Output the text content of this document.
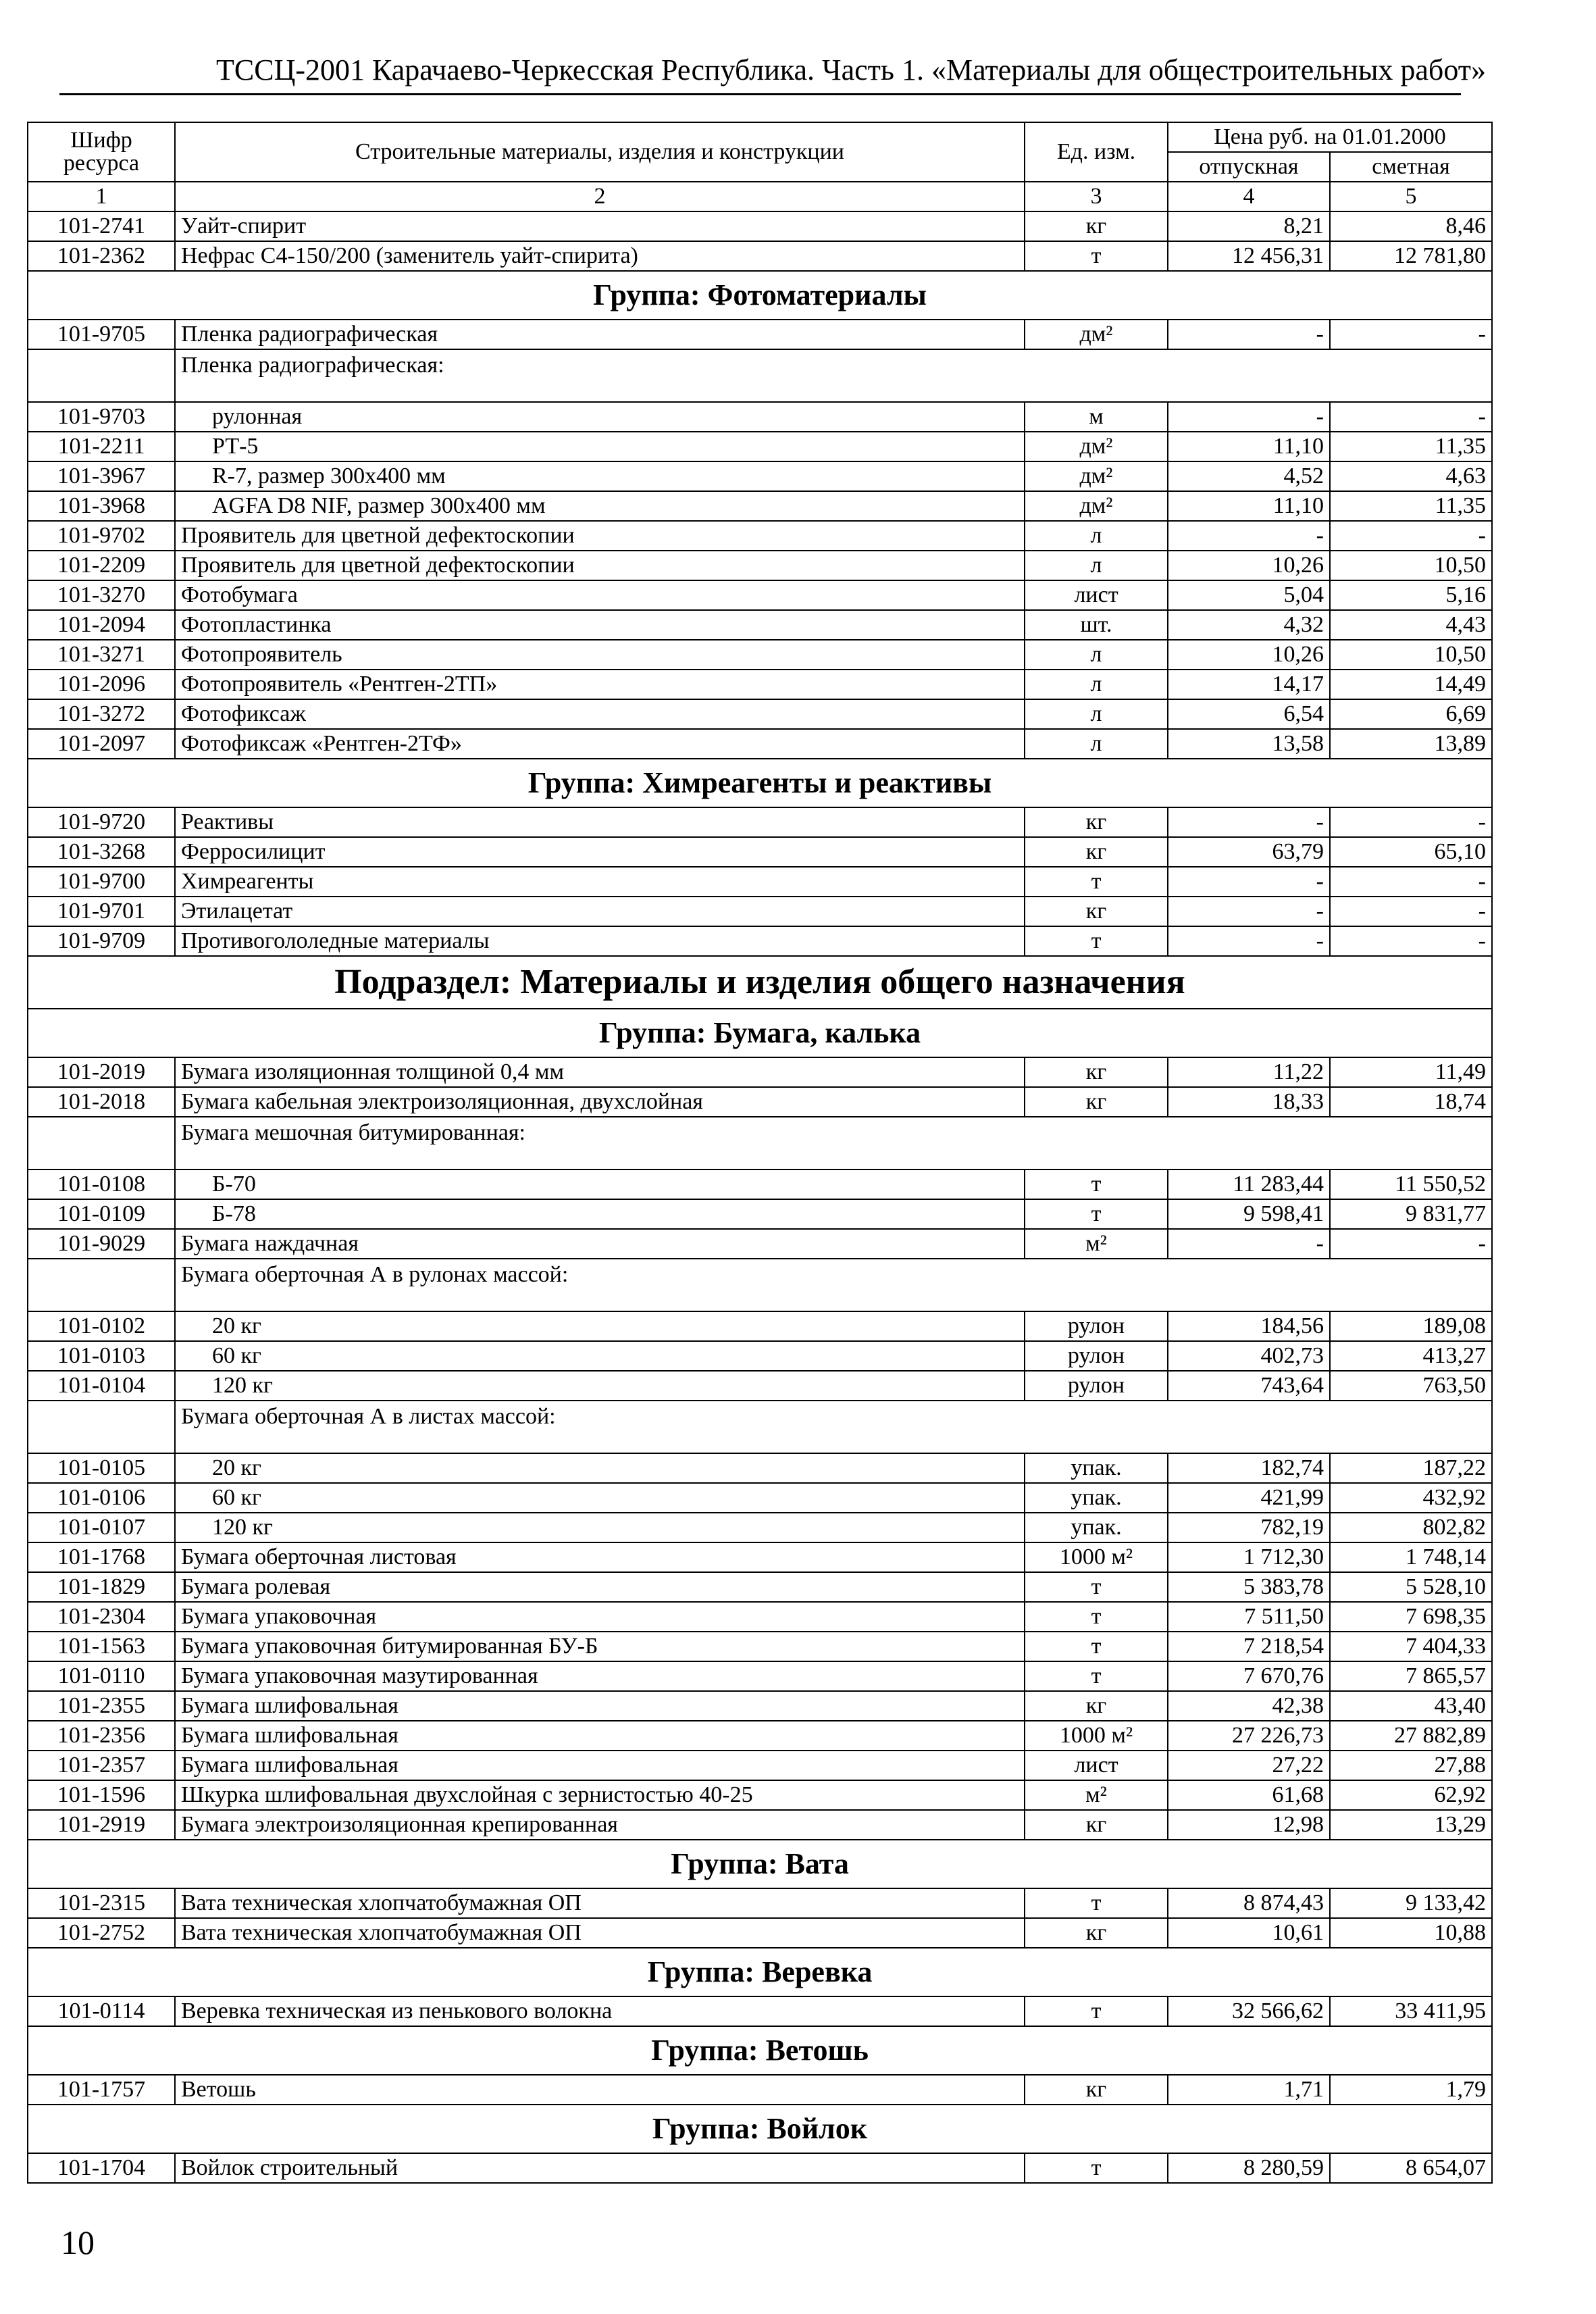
ТССЦ-2001 Карачаево-Черкесская Республика. Часть 1. «Материалы для общестроительных работ»
Шифр ресурса	Строительные материалы, изделия и конструкции	Ед. изм.	Цена руб. на 01.01.2000	
			отпускная	сметная
1	2	3	4	5
101-2741	Уайт-спирит	кг	8,21	8,46
101-2362	Нефрас С4-150/200 (заменитель уайт-спирита)	т	12 456,31	12 781,80
Группа: Фотоматериалы				
101-9705	Пленка радиографическая	дм²	-	-
	Пленка радиографическая:			
101-9703	рулонная	м	-	-
101-2211	РТ-5	дм²	11,10	11,35
101-3967	R-7, размер 300х400 мм	дм²	4,52	4,63
101-3968	AGFA D8 NIF, размер 300х400 мм	дм²	11,10	11,35
101-9702	Проявитель для цветной дефектоскопии	л	-	-
101-2209	Проявитель для цветной дефектоскопии	л	10,26	10,50
101-3270	Фотобумага	лист	5,04	5,16
101-2094	Фотопластинка	шт.	4,32	4,43
101-3271	Фотопроявитель	л	10,26	10,50
101-2096	Фотопроявитель «Рентген-2ТП»	л	14,17	14,49
101-3272	Фотофиксаж	л	6,54	6,69
101-2097	Фотофиксаж «Рентген-2ТФ»	л	13,58	13,89
Группа: Химреагенты и реактивы				
101-9720	Реактивы	кг	-	-
101-3268	Ферросилицит	кг	63,79	65,10
101-9700	Химреагенты	т	-	-
101-9701	Этилацетат	кг	-	-
101-9709	Противогололедные материалы	т	-	-
Подраздел: Материалы и изделия общего назначения				
Группа: Бумага, калька				
101-2019	Бумага изоляционная толщиной 0,4 мм	кг	11,22	11,49
101-2018	Бумага кабельная электроизоляционная, двухслойная	кг	18,33	18,74
	Бумага мешочная битумированная:			
101-0108	Б-70	т	11 283,44	11 550,52
101-0109	Б-78	т	9 598,41	9 831,77
101-9029	Бумага наждачная	м²	-	-
	Бумага оберточная А в рулонах массой:			
101-0102	20 кг	рулон	184,56	189,08
101-0103	60 кг	рулон	402,73	413,27
101-0104	120 кг	рулон	743,64	763,50
	Бумага оберточная А в листах массой:			
101-0105	20 кг	упак.	182,74	187,22
101-0106	60 кг	упак.	421,99	432,92
101-0107	120 кг	упак.	782,19	802,82
101-1768	Бумага оберточная листовая	1000 м²	1 712,30	1 748,14
101-1829	Бумага ролевая	т	5 383,78	5 528,10
101-2304	Бумага упаковочная	т	7 511,50	7 698,35
101-1563	Бумага упаковочная битумированная БУ-Б	т	7 218,54	7 404,33
101-0110	Бумага упаковочная мазутированная	т	7 670,76	7 865,57
101-2355	Бумага шлифовальная	кг	42,38	43,40
101-2356	Бумага шлифовальная	1000 м²	27 226,73	27 882,89
101-2357	Бумага шлифовальная	лист	27,22	27,88
101-1596	Шкурка шлифовальная двухслойная с зернистостью 40-25	м²	61,68	62,92
101-2919	Бумага электроизоляционная крепированная	кг	12,98	13,29
Группа: Вата				
101-2315	Вата техническая хлопчатобумажная ОП	т	8 874,43	9 133,42
101-2752	Вата техническая хлопчатобумажная ОП	кг	10,61	10,88
Группа: Веревка				
101-0114	Веревка техническая из пенькового волокна	т	32 566,62	33 411,95
Группа: Ветошь				
101-1757	Ветошь	кг	1,71	1,79
Группа: Войлок				
101-1704	Войлок строительный	т	8 280,59	8 654,07
10
